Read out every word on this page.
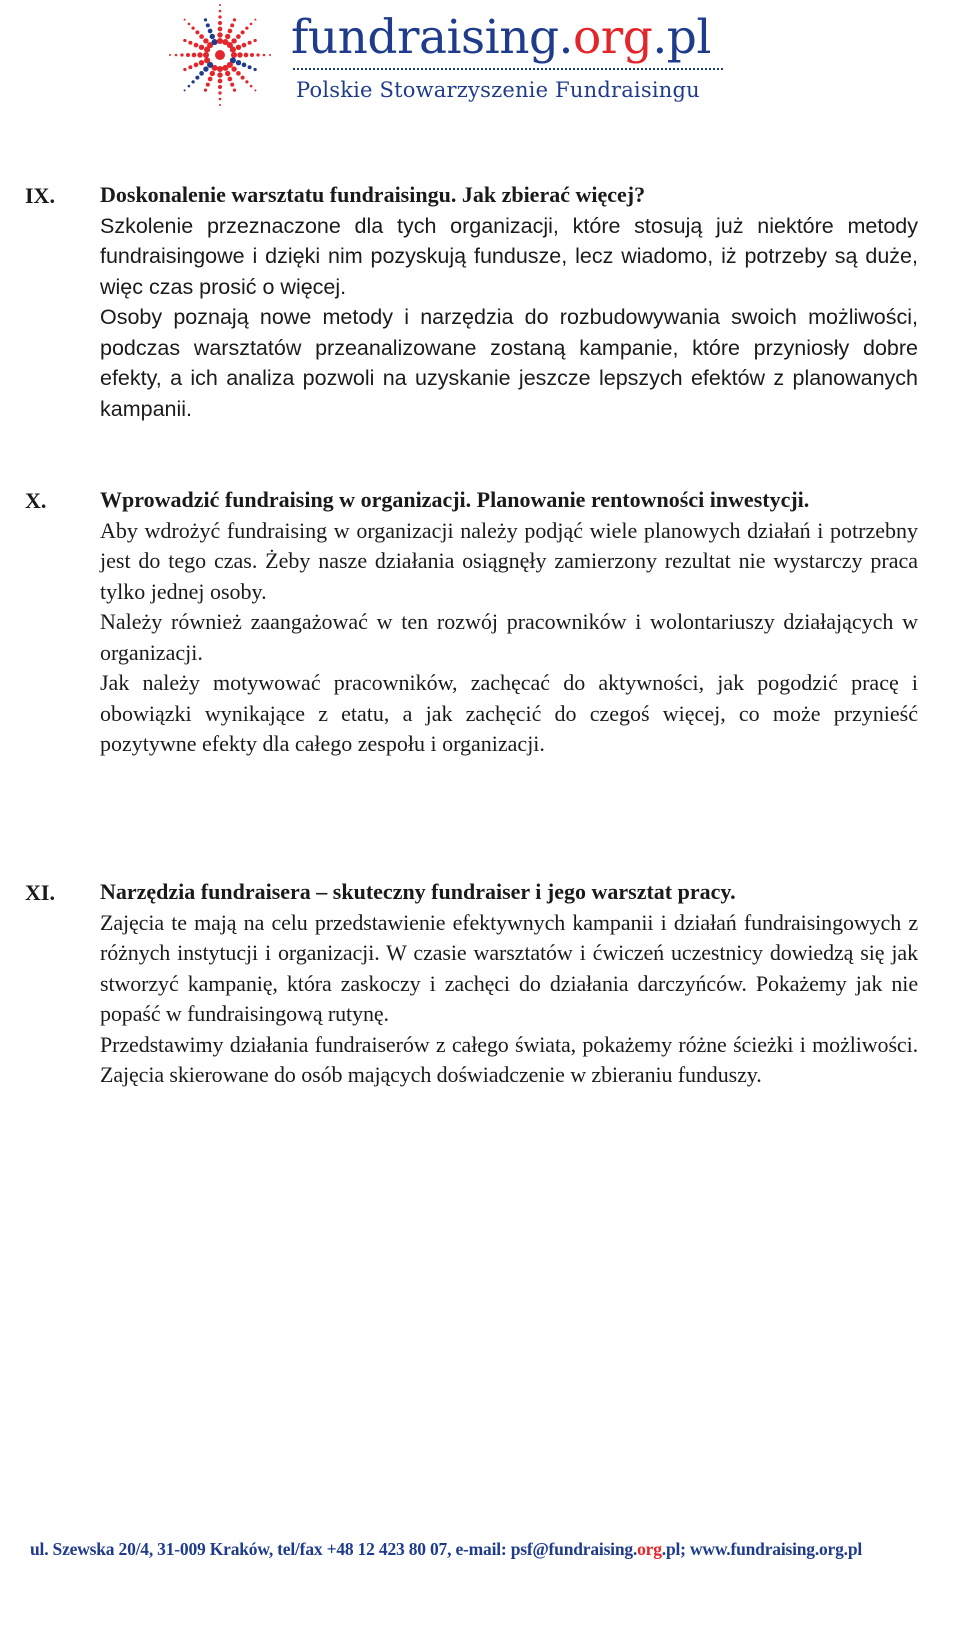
fundraising.org.pl
Polskie Stowarzyszenie Fundraisingu
IX. Doskonalenie warsztatu fundraisingu. Jak zbierać więcej?

Szkolenie przeznaczone dla tych organizacji, które stosują już niektóre metody fundraisingowe i dzięki nim pozyskują fundusze, lecz wiadomo, iż potrzeby są duże, więc czas prosić o więcej.

Osoby poznają nowe metody i narzędzia do rozbudowywania swoich możliwości, podczas warsztatów przeanalizowane zostaną kampanie, które przyniosły dobre efekty, a ich analiza pozwoli na uzyskanie jeszcze lepszych efektów z planowanych kampanii.

X. Wprowadzić fundraising w organizacji. Planowanie rentowności inwestycji.

Aby wdrożyć fundraising w organizacji należy podjąć wiele planowych działań i potrzebny jest do tego czas. Żeby nasze działania osiągnęły zamierzony rezultat nie wystarczy praca tylko jednej osoby.

Należy również zaangażować w ten rozwój pracowników i wolontariuszy działających w organizacji.

Jak należy motywować pracowników, zachęcać do aktywności, jak pogodzić pracę i obowiązki wynikające z etatu, a jak zachęcić do czegoś więcej, co może przynieść pozytywne efekty dla całego zespołu i organizacji.

XI. Narzędzia fundraisera – skuteczny fundraiser i jego warsztat pracy.

Zajęcia te mają na celu przedstawienie efektywnych kampanii i działań fundraisingowych z różnych instytucji i organizacji. W czasie warsztatów i ćwiczeń uczestnicy dowiedzą się jak stworzyć kampanię, która zaskoczy i zachęci do działania darczyńców. Pokażemy jak nie popaść w fundraisingową rutynę.

Przedstawimy działania fundraiserów z całego świata, pokażemy różne ścieżki i możliwości. Zajęcia skierowane do osób mających doświadczenie w zbieraniu funduszy.

ul. Szewska 20/4, 31-009 Kraków, tel/fax +48 12 423 80 07, e-mail: psf@fundraising.org.pl; www.fundraising.org.pl
